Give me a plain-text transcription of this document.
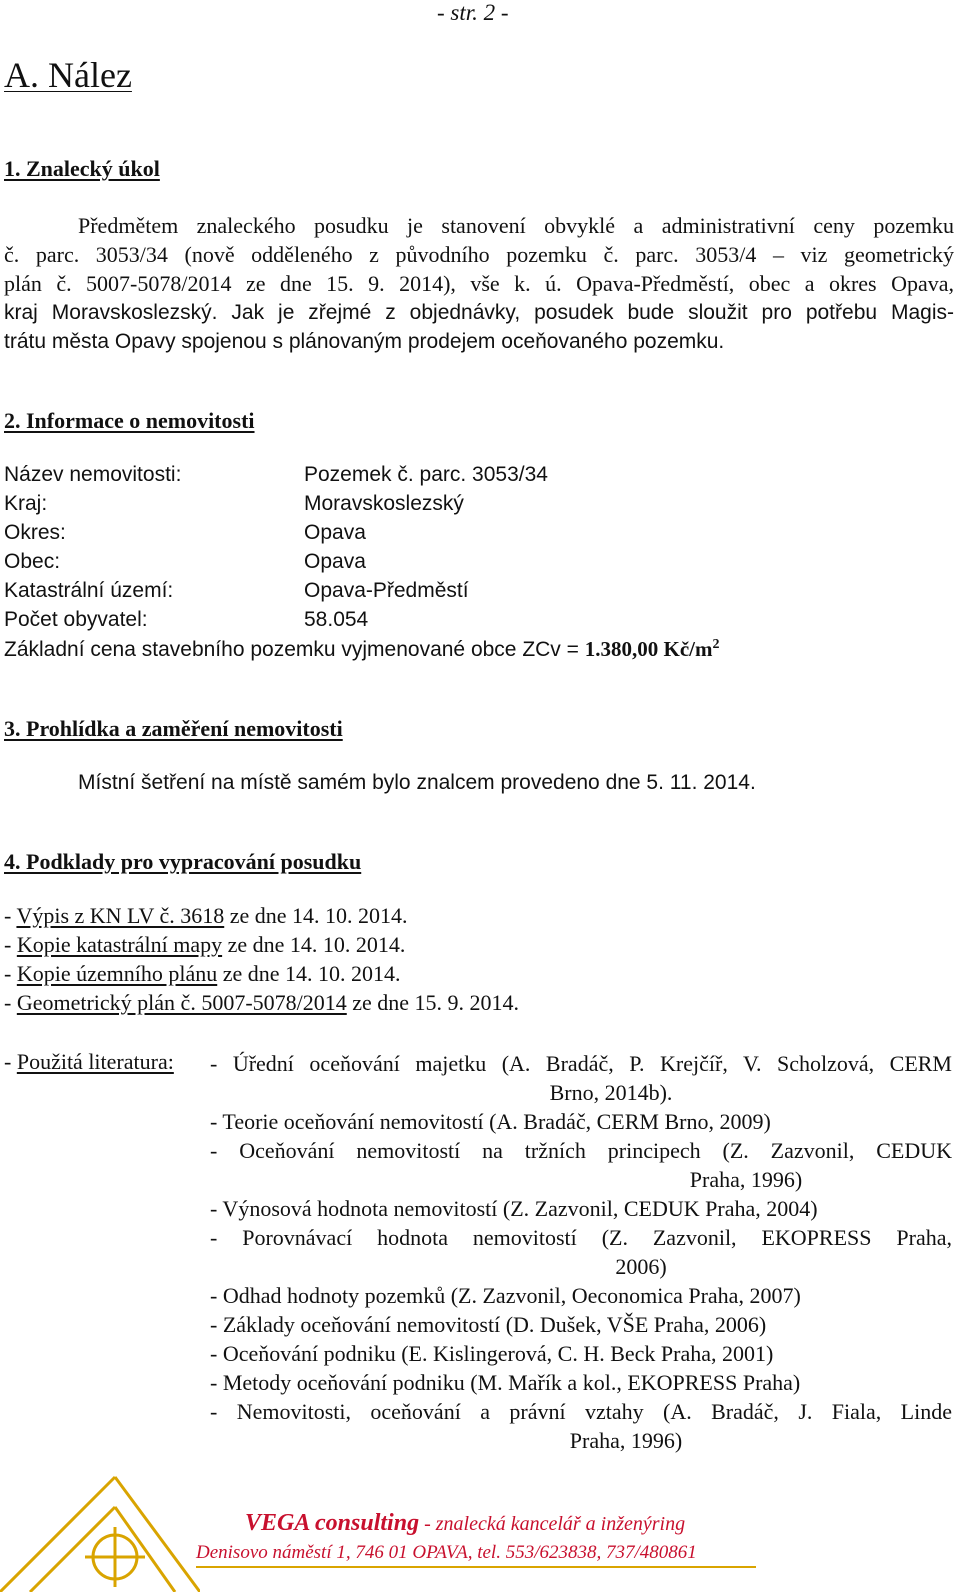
- str. 2 -
A. Nález
1. Znalecký úkol
Předmětem znaleckého posudku je stanovení obvyklé a administrativní ceny pozemku
č. parc. 3053/34 (nově odděleného z původního pozemku č. parc. 3053/4 – viz geometrický
plán č. 5007-5078/2014 ze dne 15. 9. 2014), vše k. ú. Opava-Předměstí, obec a okres Opava,
kraj Moravskoslezský. Jak je zřejmé z objednávky, posudek bude sloužit pro potřebu Magis-
trátu města Opavy spojenou s plánovaným prodejem oceňovaného pozemku.
2. Informace o nemovitosti
Název nemovitosti:	Pozemek č. parc. 3053/34
Kraj:	Moravskoslezský
Okres:	Opava
Obec:	Opava
Katastrální území:	Opava-Předměstí
Počet obyvatel:	58.054
Základní cena stavebního pozemku vyjmenované obce ZCv = 1.380,00 $Kč/m^2$
3. Prohlídka a zaměření nemovitosti
Místní šetření na místě samém bylo znalcem provedeno dne 5. 11. 2014.
4. Podklady pro vypracování posudku
- Výpis z KN LV č. 3618 ze dne 14. 10. 2014.
- Kopie katastrální mapy ze dne 14. 10. 2014.
- Kopie územního plánu ze dne 14. 10. 2014.
- Geometrický plán č. 5007-5078/2014 ze dne 15. 9. 2014.
- Použitá literatura: - Úřední oceňování majetku (A. Bradáč, P. Krejčíř, V. Scholzová, CERM
Brno, 2014b).
- Teorie oceňování nemovitostí (A. Bradáč, CERM Brno, 2009)
- Oceňování nemovitostí na tržních principech (Z. Zazvonil, CEDUK
Praha, 1996)
- Výnosová hodnota nemovitostí (Z. Zazvonil, CEDUK Praha, 2004)
- Porovnávací hodnota nemovitostí (Z. Zazvonil, EKOPRESS Praha,
2006)
- Odhad hodnoty pozemků (Z. Zazvonil, Oeconomica Praha, 2007)
- Základy oceňování nemovitostí (D. Dušek, VŠE Praha, 2006)
- Oceňování podniku (E. Kislingerová, C. H. Beck Praha, 2001)
- Metody oceňování podniku (M. Mařík a kol., EKOPRESS Praha)
- Nemovitosti, oceňování a právní vztahy (A. Bradáč, J. Fiala, Linde
Praha, 1996)
VEGA consulting - znalecká kancelář a inženýring
Denisovo náměstí 1, 746 01 OPAVA, tel. 553/623838, 737/480861
